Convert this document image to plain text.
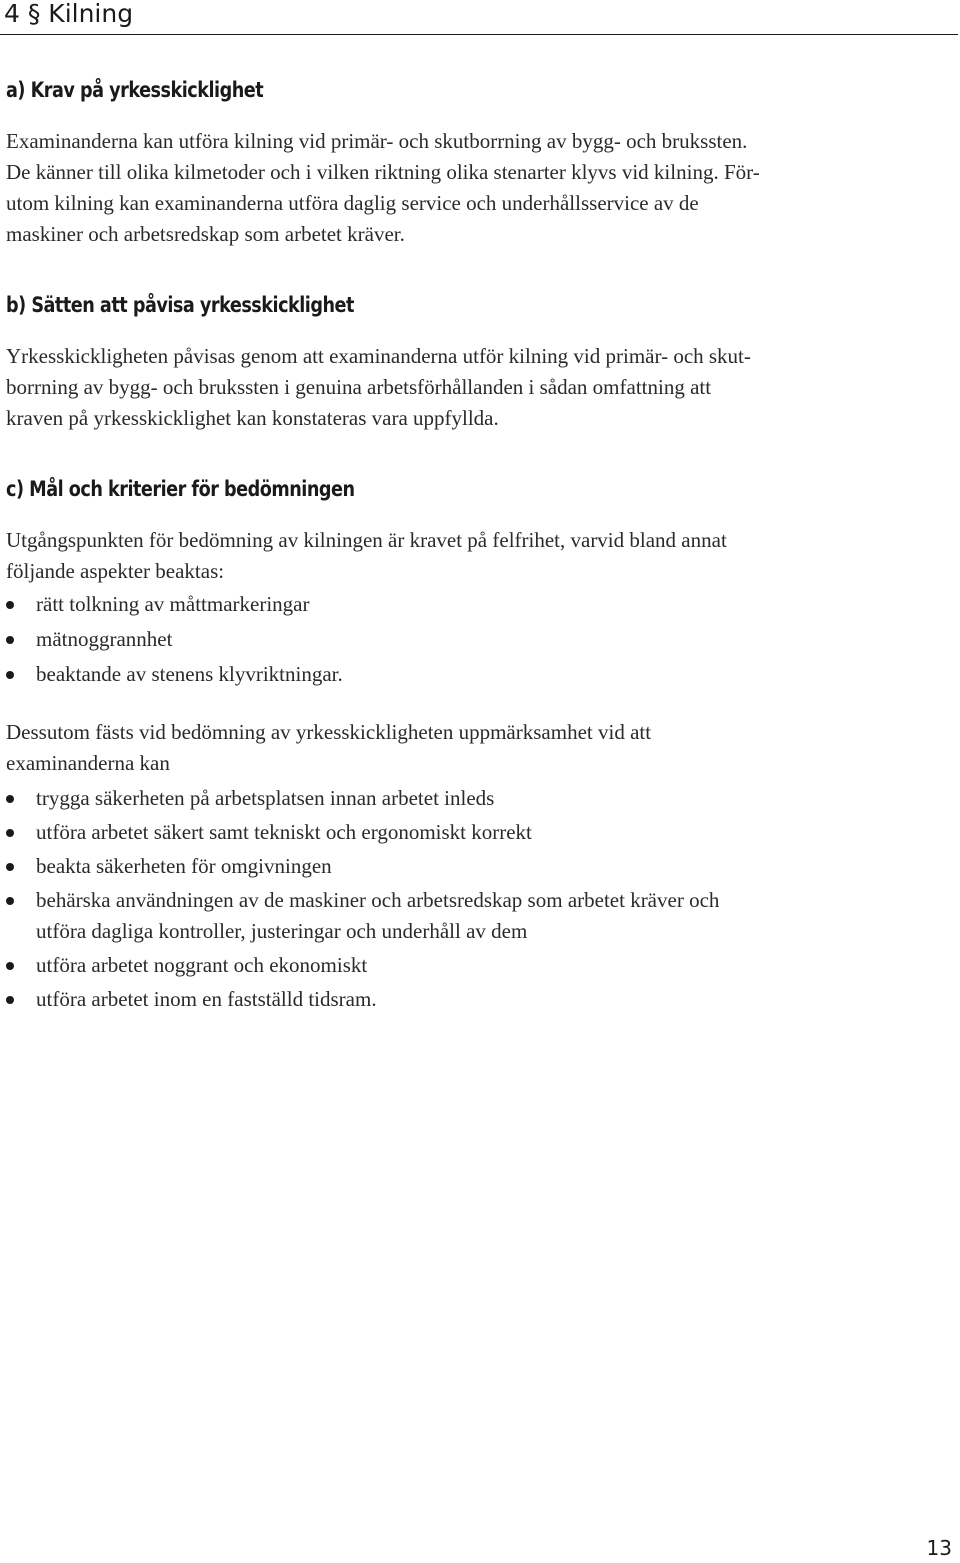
4 § Kilning
a) Krav på yrkesskicklighet

Examinanderna kan utföra kilning vid primär- och skutborrning av bygg- och brukssten.
De känner till olika kilmetoder och i vilken riktning olika stenarter klyvs vid kilning. För-
utom kilning kan examinanderna utföra daglig service och underhållsservice av de
maskiner och arbetsredskap som arbetet kräver.

b) Sätten att påvisa yrkesskicklighet

Yrkesskickligheten påvisas genom att examinanderna utför kilning vid primär- och skut-
borrning av bygg- och brukssten i genuina arbetsförhållanden i sådan omfattning att
kraven på yrkesskicklighet kan konstateras vara uppfyllda.

c) Mål och kriterier för bedömningen

Utgångspunkten för bedömning av kilningen är kravet på felfrihet, varvid bland annat
följande aspekter beaktas:

rätt tolkning av måttmarkeringar
mätnoggrannhet
beaktande av stenens klyvriktningar.

Dessutom fästs vid bedömning av yrkesskickligheten uppmärksamhet vid att
examinanderna kan

trygga säkerheten på arbetsplatsen innan arbetet inleds
utföra arbetet säkert samt tekniskt och ergonomiskt korrekt
beakta säkerheten för omgivningen
behärska användningen av de maskiner och arbetsredskap som arbetet kräver och
utföra dagliga kontroller, justeringar och underhåll av dem
utföra arbetet noggrant och ekonomiskt
utföra arbetet inom en fastställd tidsram.
13
